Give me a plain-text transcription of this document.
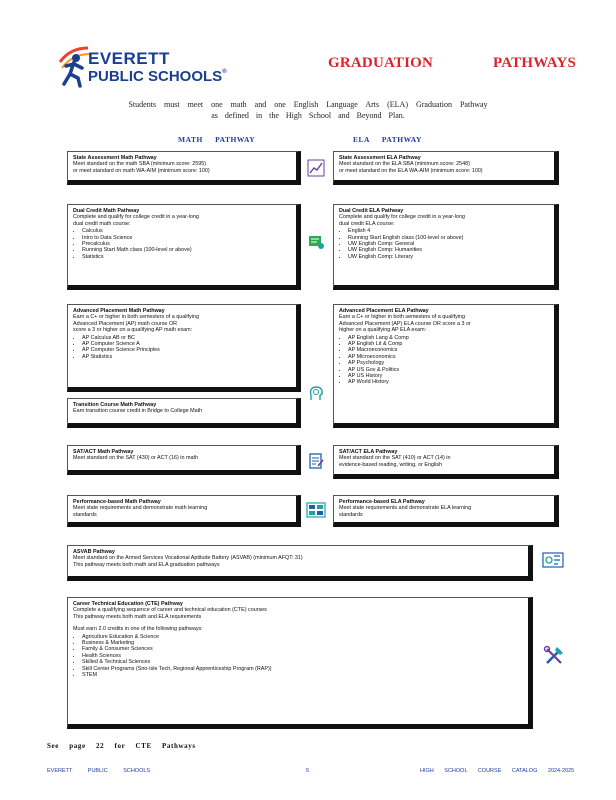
EVERETT
PUBLIC SCHOOLS®
GRADUATION PATHWAYS
Students must meet one math and one English Language Arts (ELA) Graduation Pathway
as defined in the High School and Beyond Plan.
MATH PATHWAY	ELA PATHWAY
State Assessment Math Pathway
Meet standard on the math SBA (minimum score: 2595)
or meet standard on math WA-AIM (minimum score: 100)
Dual Credit Math Pathway
Complete and qualify for college credit in a year-long
dual credit math course:
• Calculus
• Intro to Data Science
• Precalculus
• Running Start Math class (100-level or above)
• Statistics
Advanced Placement Math Pathway
Earn a C+ or higher in both semesters of a qualifying
Advanced Placement (AP) math course OR
score a 3 or higher on a qualifying AP math exam:
• AP Calculus AB or BC
• AP Computer Science A
• AP Computer Science Principles
• AP Statistics
Transition Course Math Pathway
Earn transition course credit in Bridge to College Math
SAT/ACT Math Pathway
Meet standard on the SAT (430) or ACT (16) in math
Performance-based Math Pathway
Meet state requirements and demonstrate math learning
standards
State Assessment ELA Pathway
Meet standard on the ELA SBA (minimum score: 2548)
or meet standard on the ELA WA-AIM (minimum score: 100)
Dual Credit ELA Pathway
Complete and qualify for college credit in a year-long
dual credit ELA course:
• English 4
• Running Start English class (100-level or above)
• UW English Comp: General
• UW English Comp: Humanities
• UW English Comp: Literary
Advanced Placement ELA Pathway
Earn a C+ or higher in both semesters of a qualifying
Advanced Placement (AP) ELA course OR score a 3 or
higher on a qualifying AP ELA exam:
• AP English Lang & Comp
• AP English Lit & Comp
• AP Macroeconomics
• AP Microeconomics
• AP Psychology
• AP US Gov & Politics
• AP US History
• AP World History
SAT/ACT ELA Pathway
Meet standard on the SAT (410) or ACT (14) in
evidence-based reading, writing, or English
Performance-based ELA Pathway
Meet state requirements and demonstrate ELA learning
standards
ASVAB Pathway
Meet standard on the Armed Services Vocational Aptitude Battery (ASVAB) (minimum AFQT: 31)
This pathway meets both math and ELA graduation pathways
Career Technical Education (CTE) Pathway
Complete a qualifying sequence of career and technical education (CTE) courses
This pathway meets both math and ELA requirements
Must earn 2.0 credits in one of the following pathways:
• Agriculture Education & Science
• Business & Marketing
• Family & Consumer Sciences
• Health Sciences
• Skilled & Technical Sciences
• Skill Center Programs (Sno-Isle Tech, Regional Apprenticeship Program (RAP))
• STEM
See page 22 for CTE Pathways
EVERETT PUBLIC SCHOOLS	5	HIGH SCHOOL COURSE CATALOG 2024-2025
